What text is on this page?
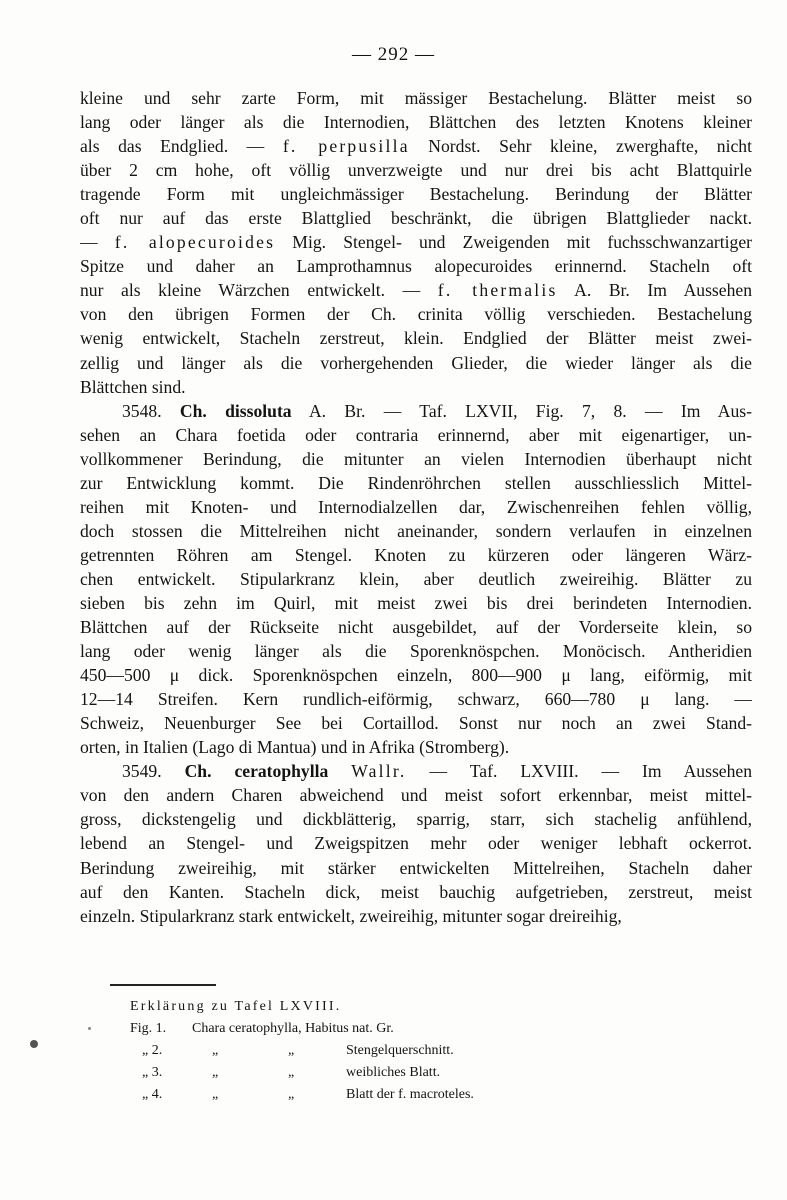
— 292 —
kleine und sehr zarte Form, mit mässiger Bestachelung. Blätter meist so
lang oder länger als die Internodien, Blättchen des letzten Knotens kleiner
als das Endglied. — f. perpusilla Nordst. Sehr kleine, zwerghafte, nicht
über 2 cm hohe, oft völlig unverzweigte und nur drei bis acht Blattquirle
tragende Form mit ungleichmässiger Bestachelung. Berindung der Blätter
oft nur auf das erste Blattglied beschränkt, die übrigen Blattglieder nackt.
— f. alopecuroides Mig. Stengel- und Zweigenden mit fuchsschwanzartiger
Spitze und daher an Lamprothamnus alopecuroides erinnernd. Stacheln oft
nur als kleine Wärzchen entwickelt. — f. thermalis A. Br. Im Aussehen
von den übrigen Formen der Ch. crinita völlig verschieden. Bestachelung
wenig entwickelt, Stacheln zerstreut, klein. Endglied der Blätter meist zwei-
zellig und länger als die vorhergehenden Glieder, die wieder länger als die
Blättchen sind.
3548. Ch. dissoluta A. Br. — Taf. LXVII, Fig. 7, 8. — Im Aus-
sehen an Chara foetida oder contraria erinnernd, aber mit eigenartiger, un-
vollkommener Berindung, die mitunter an vielen Internodien überhaupt nicht
zur Entwicklung kommt. Die Rindenröhrchen stellen ausschliesslich Mittel-
reihen mit Knoten- und Internodialzellen dar, Zwischenreihen fehlen völlig,
doch stossen die Mittelreihen nicht aneinander, sondern verlaufen in einzelnen
getrennten Röhren am Stengel. Knoten zu kürzeren oder längeren Wärz-
chen entwickelt. Stipularkranz klein, aber deutlich zweireihig. Blätter zu
sieben bis zehn im Quirl, mit meist zwei bis drei berindeten Internodien.
Blättchen auf der Rückseite nicht ausgebildet, auf der Vorderseite klein, so
lang oder wenig länger als die Sporenknöspchen. Monöcisch. Antheridien
450—500 μ dick. Sporenknöspchen einzeln, 800—900 μ lang, eiförmig, mit
12—14 Streifen. Kern rundlich-eiförmig, schwarz, 660—780 μ lang. —
Schweiz, Neuenburger See bei Cortaillod. Sonst nur noch an zwei Stand-
orten, in Italien (Lago di Mantua) und in Afrika (Stromberg).
3549. Ch. ceratophylla Wallr. — Taf. LXVIII. — Im Aussehen
von den andern Charen abweichend und meist sofort erkennbar, meist mittel-
gross, dickstengelig und dickblätterig, sparrig, starr, sich stachelig anfühlend,
lebend an Stengel- und Zweigspitzen mehr oder weniger lebhaft ockerrot.
Berindung zweireihig, mit stärker entwickelten Mittelreihen, Stacheln daher
auf den Kanten. Stacheln dick, meist bauchig aufgetrieben, zerstreut, meist
einzeln. Stipularkranz stark entwickelt, zweireihig, mitunter sogar dreireihig,
Erklärung zu Tafel LXVIII.
Fig. 1. Chara ceratophylla, Habitus nat. Gr.
„ 2.	„	„	Stengelquerschnitt.
„ 3.	„	„	weibliches Blatt.
„ 4.	„	„	Blatt der f. macroteles.
